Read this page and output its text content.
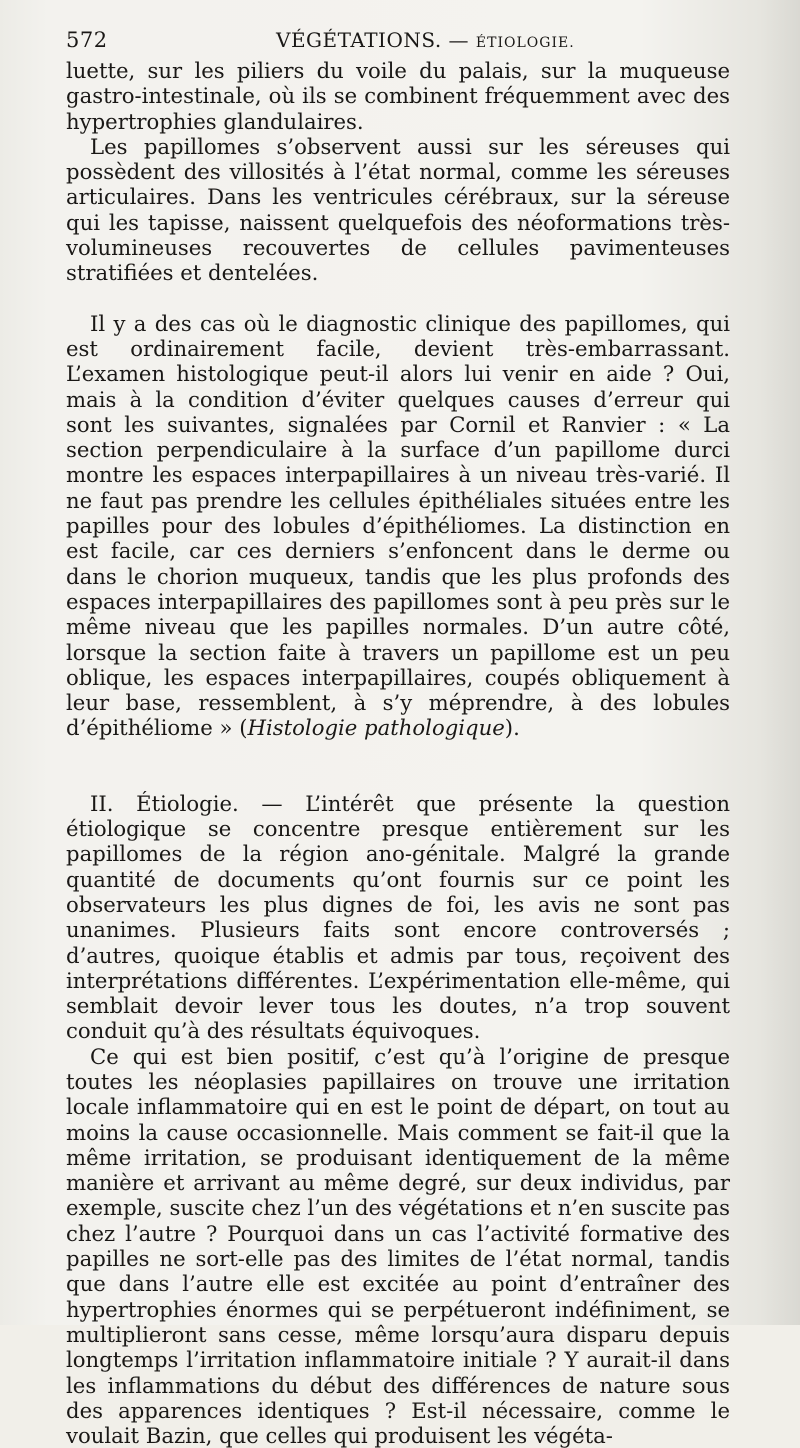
572	VÉGÉTATIONS. — ÉTIOLOGIE.

luette, sur les piliers du voile du palais, sur la muqueuse gastro-intestinale, où ils se combinent fréquemment avec des hypertrophies glandulaires.

Les papillomes s’observent aussi sur les séreuses qui possèdent des villosités à l’état normal, comme les séreuses articulaires. Dans les ventricules cérébraux, sur la séreuse qui les tapisse, naissent quelquefois des néoformations très-volumineuses recouvertes de cellules pavimenteuses stratifiées et dentelées.

Il y a des cas où le diagnostic clinique des papillomes, qui est ordinairement facile, devient très-embarrassant. L’examen histologique peut-il alors lui venir en aide ? Oui, mais à la condition d’éviter quelques causes d’erreur qui sont les suivantes, signalées par Cornil et Ranvier : « La section perpendiculaire à la surface d’un papillome durci montre les espaces interpapillaires à un niveau très-varié. Il ne faut pas prendre les cellules épithéliales situées entre les papilles pour des lobules d’épithéliomes. La distinction en est facile, car ces derniers s’enfoncent dans le derme ou dans le chorion muqueux, tandis que les plus profonds des espaces interpapillaires des papillomes sont à peu près sur le même niveau que les papilles normales. D’un autre côté, lorsque la section faite à travers un papillome est un peu oblique, les espaces interpapillaires, coupés obliquement à leur base, ressemblent, à s’y méprendre, à des lobules d’épithéliome » (Histologie pathologique).

II. Étiologie. — L’intérêt que présente la question étiologique se concentre presque entièrement sur les papillomes de la région ano-génitale. Malgré la grande quantité de documents qu’ont fournis sur ce point les observateurs les plus dignes de foi, les avis ne sont pas unanimes. Plusieurs faits sont encore controversés ; d’autres, quoique établis et admis par tous, reçoivent des interprétations différentes. L’expérimentation elle-même, qui semblait devoir lever tous les doutes, n’a trop souvent conduit qu’à des résultats équivoques.

Ce qui est bien positif, c’est qu’à l’origine de presque toutes les néoplasies papillaires on trouve une irritation locale inflammatoire qui en est le point de départ, on tout au moins la cause occasionnelle. Mais comment se fait-il que la même irritation, se produisant identiquement de la même manière et arrivant au même degré, sur deux individus, par exemple, suscite chez l’un des végétations et n’en suscite pas chez l’autre ? Pourquoi dans un cas l’activité formative des papilles ne sort-elle pas des limites de l’état normal, tandis que dans l’autre elle est excitée au point d’entraîner des hypertrophies énormes qui se perpétueront indéfiniment, se multiplieront sans cesse, même lorsqu’aura disparu depuis longtemps l’irritation inflammatoire initiale ? Y aurait-il dans les inflammations du début des différences de nature sous des apparences identiques ? Est-il nécessaire, comme le voulait Bazin, que celles qui produisent les végéta-
